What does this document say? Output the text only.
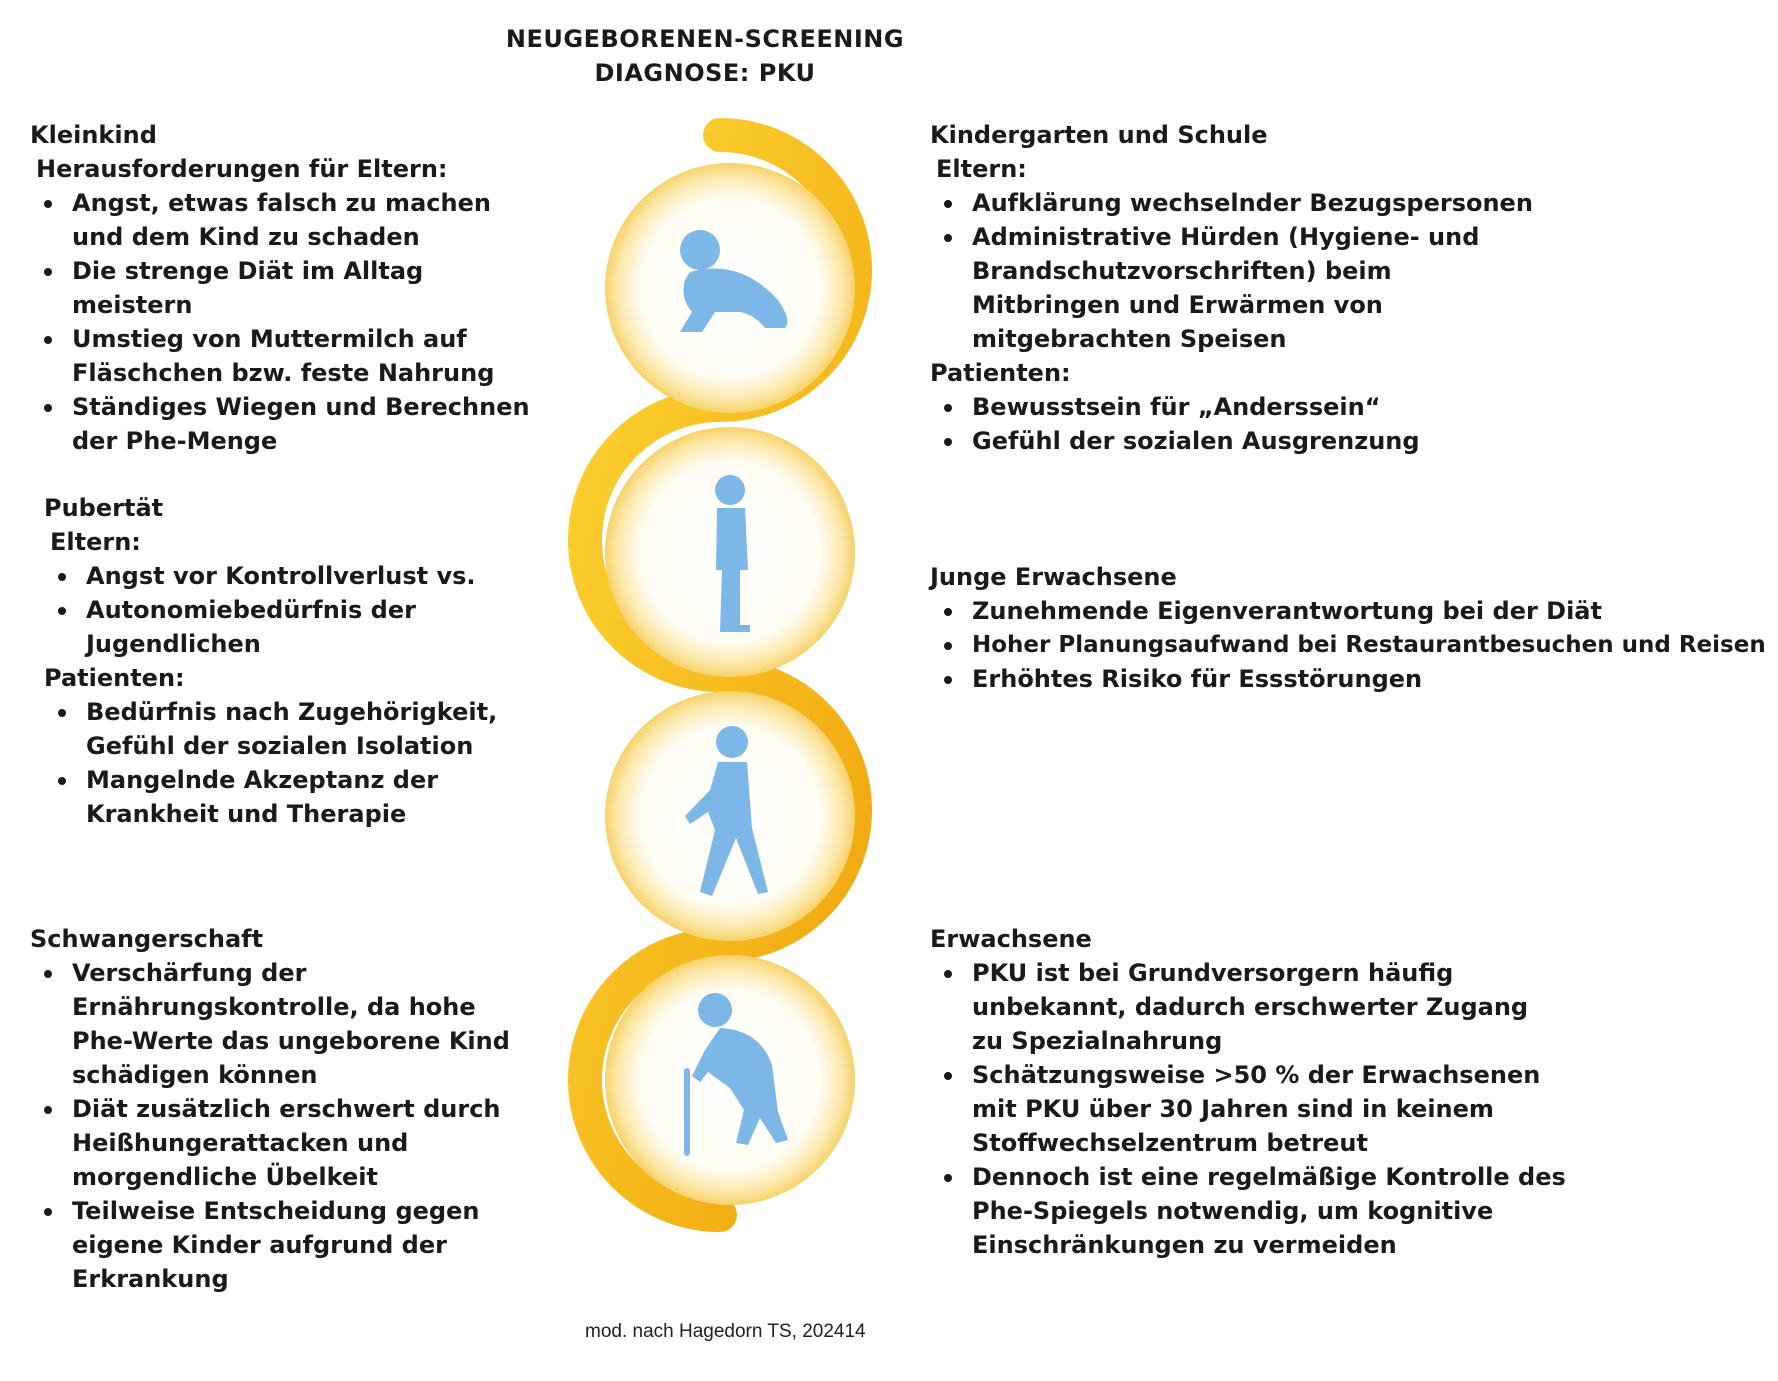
NEUGEBORENEN-SCREENING
DIAGNOSE: PKU
Kleinkind
Herausforderungen für Eltern:
Angst, etwas falsch zu machen und dem Kind zu schaden
Die strenge Diät im Alltag meistern
Umstieg von Muttermilch auf Fläschchen bzw. feste Nahrung
Ständiges Wiegen und Berechnen der Phe-Menge
Kindergarten und Schule
Eltern:
Aufklärung wechselnder Bezugspersonen
Administrative Hürden (Hygiene- und Brandschutzvorschriften) beim Mitbringen und Erwärmen von mitgebrachten Speisen
Patienten:
Bewusstsein für „Anderssein“
Gefühl der sozialen Ausgrenzung
Pubertät
Eltern:
Angst vor Kontrollverlust vs.
Autonomiebedürfnis der Jugendlichen
Patienten:
Bedürfnis nach Zugehörigkeit, Gefühl der sozialen Isolation
Mangelnde Akzeptanz der Krankheit und Therapie
Junge Erwachsene
Zunehmende Eigenverantwortung bei der Diät
Hoher Planungsaufwand bei Restaurantbesuchen und Reisen
Erhöhtes Risiko für Essstörungen
Schwangerschaft
Verschärfung der Ernährungskontrolle, da hohe Phe-Werte das ungeborene Kind schädigen können
Diät zusätzlich erschwert durch Heißhungerattacken und morgendliche Übelkeit
Teilweise Entscheidung gegen eigene Kinder aufgrund der Erkrankung
Erwachsene
PKU ist bei Grundversorgern häufig unbekannt, dadurch erschwerter Zugang zu Spezialnahrung
Schätzungsweise >50 % der Erwachsenen mit PKU über 30 Jahren sind in keinem Stoffwechselzentrum betreut
Dennoch ist eine regelmäßige Kontrolle des Phe-Spiegels notwendig, um kognitive Einschränkungen zu vermeiden
mod. nach Hagedorn TS, 202414
